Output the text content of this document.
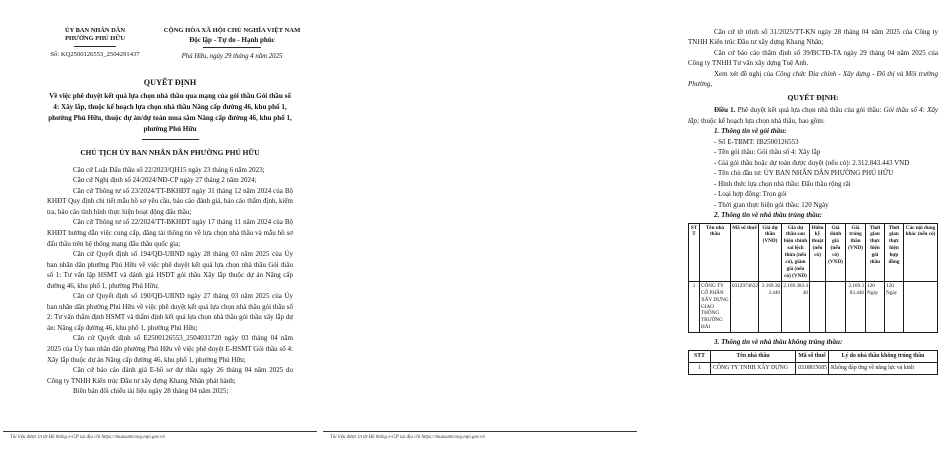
ỦY BAN NHÂN DÂN
PHƯỜNG PHÚ HỮU
Số: KQ2500126553_2504291437
CỘNG HÒA XÃ HỘI CHỦ NGHĨA VIỆT NAM
Độc lập - Tự do - Hạnh phúc
Phú Hữu, ngày 29 tháng 4 năm 2025
QUYẾT ĐỊNH
Về việc phê duyệt kết quả lựa chọn nhà thầu qua mạng của gói thầu Gói thầu số 4: Xây lắp, thuộc kế hoạch lựa chọn nhà thầu Nâng cấp đường 46, khu phố 1, phường Phú Hữu, thuộc dự án/dự toán mua sắm Nâng cấp đường 46, khu phố 1, phường Phú Hữu
CHỦ TỊCH ỦY BAN NHÂN DÂN PHƯỜNG PHÚ HỮU

Căn cứ Luật Đấu thầu số 22/2023/QH15 ngày 23 tháng 6 năm 2023;

Căn cứ Nghị định số 24/2024/NĐ-CP ngày 27 tháng 2 năm 2024;

Căn cứ Thông tư số 23/2024/TT-BKHĐT ngày 31 tháng 12 năm 2024 của Bộ KHĐT Quy định chi tiết mẫu hồ sơ yêu cầu, báo cáo đánh giá, báo cáo thẩm định, kiểm tra, báo cáo tình hình thực hiện hoạt động đấu thầu;

Căn cứ Thông tư số 22/2024/TT-BKHĐT ngày 17 tháng 11 năm 2024 của Bộ KHĐT hướng dẫn việc cung cấp, đăng tải thông tin về lựa chọn nhà thầu và mẫu hồ sơ đấu thầu trên hệ thống mạng đấu thầu quốc gia;

Căn cứ Quyết định số 194/QĐ-UBND ngày 28 tháng 03 năm 2025 của Ủy ban nhân dân phường Phú Hữu về việc phê duyệt kết quả lựa chọn nhà thầu Gói thầu số 1: Tư vấn lập HSMT và đánh giá HSDT gói thầu Xây lắp thuộc dự án Nâng cấp đường 46, khu phố 1, phường Phú Hữu;

Căn cứ Quyết định số 190/QĐ-UBND ngày 27 tháng 03 năm 2025 của Ủy ban nhân dân phường Phú Hữu về việc phê duyệt kết quả lựa chọn nhà thầu gói thầu số 2: Tư vấn thẩm định HSMT và thẩm định kết quả lựa chọn nhà thầu gói thầu xây lắp dự án: Nâng cấp đường 46, khu phố 1, phường Phú Hữu;

Căn cứ Quyết định số E2500126553_2504031720 ngày 03 tháng 04 năm 2025 của Ủy ban nhân dân phường Phú Hữu về việc phê duyệt E-HSMT Gói thầu số 4: Xây lắp thuộc dự án Nâng cấp đường 46, khu phố 1, phường Phú Hữu;

Căn cứ báo cáo đánh giá E-hồ sơ dự thầu ngày 26 tháng 04 năm 2025 do Công ty TNHH Kiến trúc Đầu tư xây dựng Khang Nhân phát hành;

Biên bản đối chiếu tài liệu ngày 28 tháng 04 năm 2025;

Tài liệu được in từ Hệ thống e-GP tại địa chỉ https://muasamcong.mpi.gov.vn

Căn cứ tờ trình số 31/2025/TT-KN ngày 28 tháng 04 năm 2025 của Công ty TNHH Kiến trúc Đầu tư xây dựng Khang Nhân;

Căn cứ báo cáo thẩm định số 39/BCTĐ-TA ngày 29 tháng 04 năm 2025 của Công ty TNHH Tư vấn xây dựng Tuệ Anh.

Xem xét đề nghị của Công chức Địa chính - Xây dựng - Đô thị và Môi trường Phường,

QUYẾT ĐỊNH:

Điều 1. Phê duyệt kết quả lựa chọn nhà thầu của gói thầu: Gói thầu số 4: Xây lắp; thuộc kế hoạch lựa chọn nhà thầu, bao gồm:

1. Thông tin về gói thầu:

- Số E-TBMT: IB2500126553

- Tên gói thầu: Gói thầu số 4: Xây lắp

- Giá gói thầu hoặc dự toán được duyệt (nếu có): 2.312.843.443 VND

- Tên chủ đầu tư: ỦY BAN NHÂN DÂN PHƯỜNG PHÚ HỮU

- Hình thức lựa chọn nhà thầu: Đấu thầu rộng rãi

- Loại hợp đồng: Trọn gói

- Thời gian thực hiện gói thầu: 120 Ngày

2. Thông tin về nhà thầu trúng thầu:

STT	Tên nhà thầu	Mã số thuế	Giá dự thầu (VND)	Giá dự thầu sau hiệu chỉnh sai lệch thừa (nếu có), giảm giá (nếu có) (VND)	Điểm kỹ thuật (nếu có)	Giá đánh giá (nếu có) (VND)	Giá trúng thầu (VND)	Thời gian thực hiện gói thầu	Thời gian thực hiện hợp đồng	Các nội dung khác (nếu có)
1	CÔNG TY CỔ PHẦN XÂY DỰNG GIAO THÔNG TRƯỜNG HẢI	0312974632	2.169.383.440	2.169.383.440			2.169.383.440	120 Ngày	120 Ngày	

3. Thông tin về nhà thầu không trúng thầu:

STT	Tên nhà thầu	Mã số thuế	Lý do nhà thầu không trúng thầu
1	CÔNG TY TNHH XÂY DỰNG	0318815685	Không đáp ứng về năng lực và kinh
Tài liệu được in từ Hệ thống e-GP tại địa chỉ https://muasamcong.mpi.gov.vn
